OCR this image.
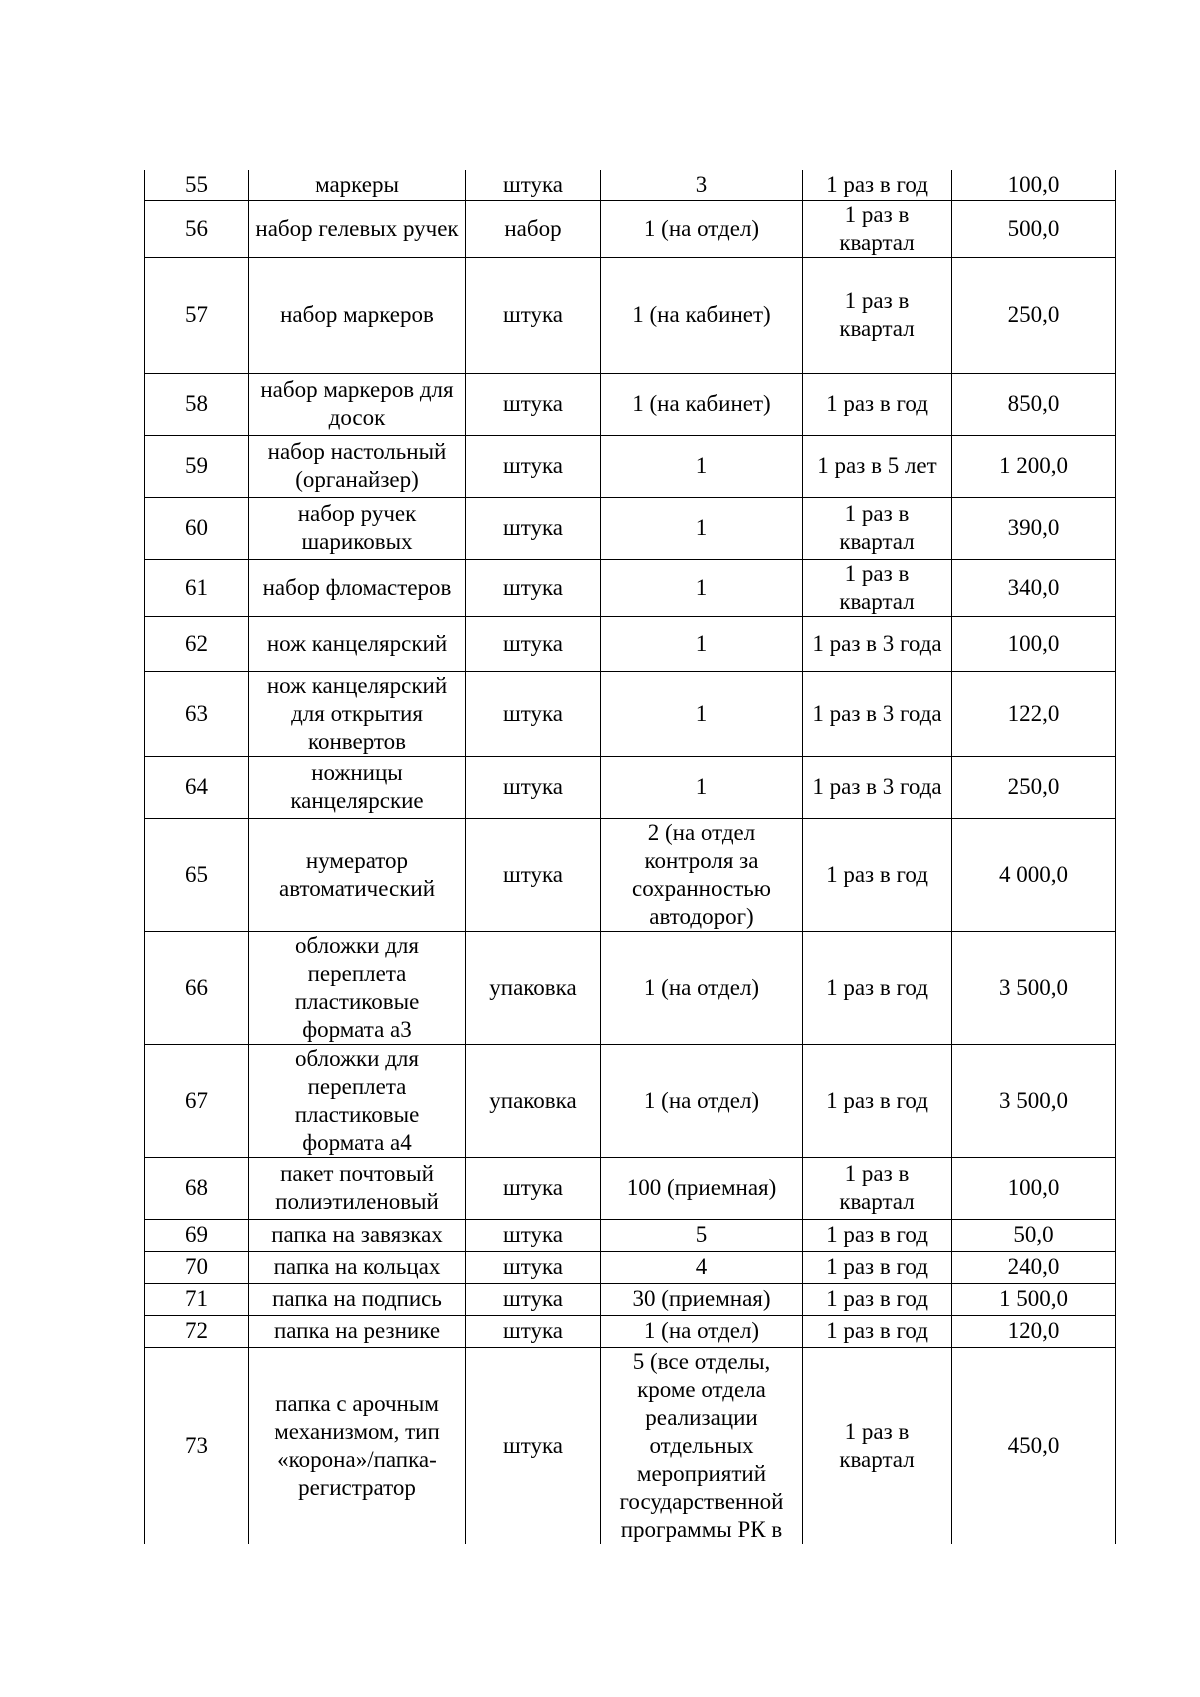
55	маркеры	штука	3	1 раз в год	100,0
56	набор гелевых ручек	набор	1 (на отдел)	1 раз в квартал	500,0
57	набор маркеров	штука	1 (на кабинет)	1 раз в квартал	250,0
58	набор маркеров для досок	штука	1 (на кабинет)	1 раз в год	850,0
59	набор настольный (органайзер)	штука	1	1 раз в 5 лет	1 200,0
60	набор ручек шариковых	штука	1	1 раз в квартал	390,0
61	набор фломастеров	штука	1	1 раз в квартал	340,0
62	нож канцелярский	штука	1	1 раз в 3 года	100,0
63	нож канцелярский для открытия конвертов	штука	1	1 раз в 3 года	122,0
64	ножницы канцелярские	штука	1	1 раз в 3 года	250,0
65	нумератор автоматический	штука	2 (на отдел контроля за сохранностью автодорог)	1 раз в год	4 000,0
66	обложки для переплета пластиковые формата а3	упаковка	1 (на отдел)	1 раз в год	3 500,0
67	обложки для переплета пластиковые формата а4	упаковка	1 (на отдел)	1 раз в год	3 500,0
68	пакет почтовый полиэтиленовый	штука	100 (приемная)	1 раз в квартал	100,0
69	папка на завязках	штука	5	1 раз в год	50,0
70	папка на кольцах	штука	4	1 раз в год	240,0
71	папка на подпись	штука	30 (приемная)	1 раз в год	1 500,0
72	папка на резнике	штука	1 (на отдел)	1 раз в год	120,0
73	папка с арочным механизмом, тип «корона»/папка-регистратор	штука	5 (все отделы, кроме отдела реализации отдельных мероприятий государственной программы РК в	1 раз в квартал	450,0
